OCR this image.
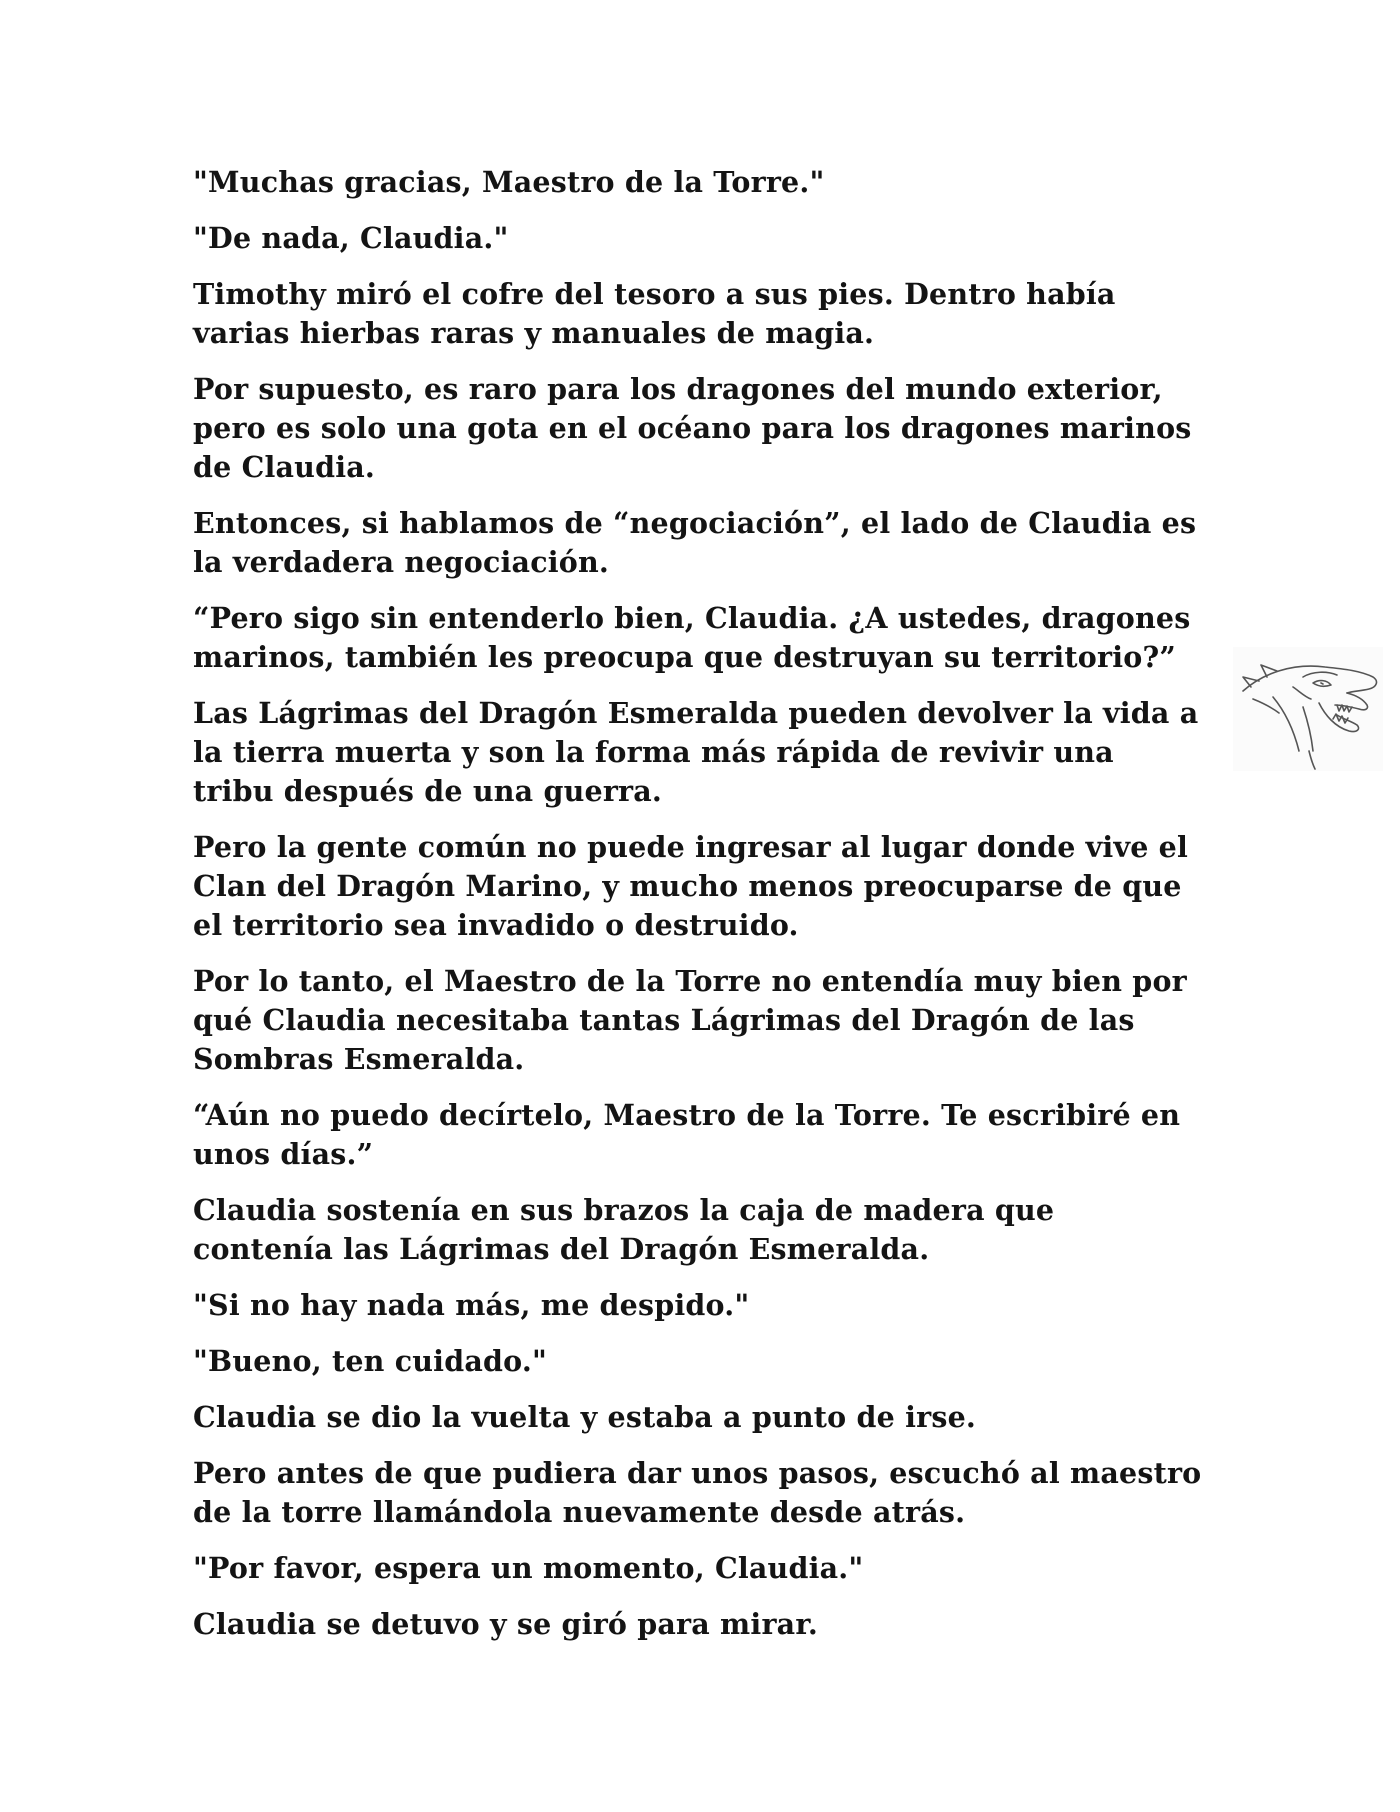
"Muchas gracias, Maestro de la Torre."

"De nada, Claudia."

Timothy miró el cofre del tesoro a sus pies. Dentro había varias hierbas raras y manuales de magia.

Por supuesto, es raro para los dragones del mundo exterior, pero es solo una gota en el océano para los dragones marinos de Claudia.

Entonces, si hablamos de “negociación”, el lado de Claudia es la verdadera negociación.

“Pero sigo sin entenderlo bien, Claudia. ¿A ustedes, dragones marinos, también les preocupa que destruyan su territorio?”

Las Lágrimas del Dragón Esmeralda pueden devolver la vida a la tierra muerta y son la forma más rápida de revivir una tribu después de una guerra.

Pero la gente común no puede ingresar al lugar donde vive el Clan del Dragón Marino, y mucho menos preocuparse de que el territorio sea invadido o destruido.

Por lo tanto, el Maestro de la Torre no entendía muy bien por qué Claudia necesitaba tantas Lágrimas del Dragón de las Sombras Esmeralda.

“Aún no puedo decírtelo, Maestro de la Torre. Te escribiré en unos días.”

Claudia sostenía en sus brazos la caja de madera que contenía las Lágrimas del Dragón Esmeralda.

"Si no hay nada más, me despido."

"Bueno, ten cuidado."

Claudia se dio la vuelta y estaba a punto de irse.

Pero antes de que pudiera dar unos pasos, escuchó al maestro de la torre llamándola nuevamente desde atrás.

"Por favor, espera un momento, Claudia."

Claudia se detuvo y se giró para mirar.
